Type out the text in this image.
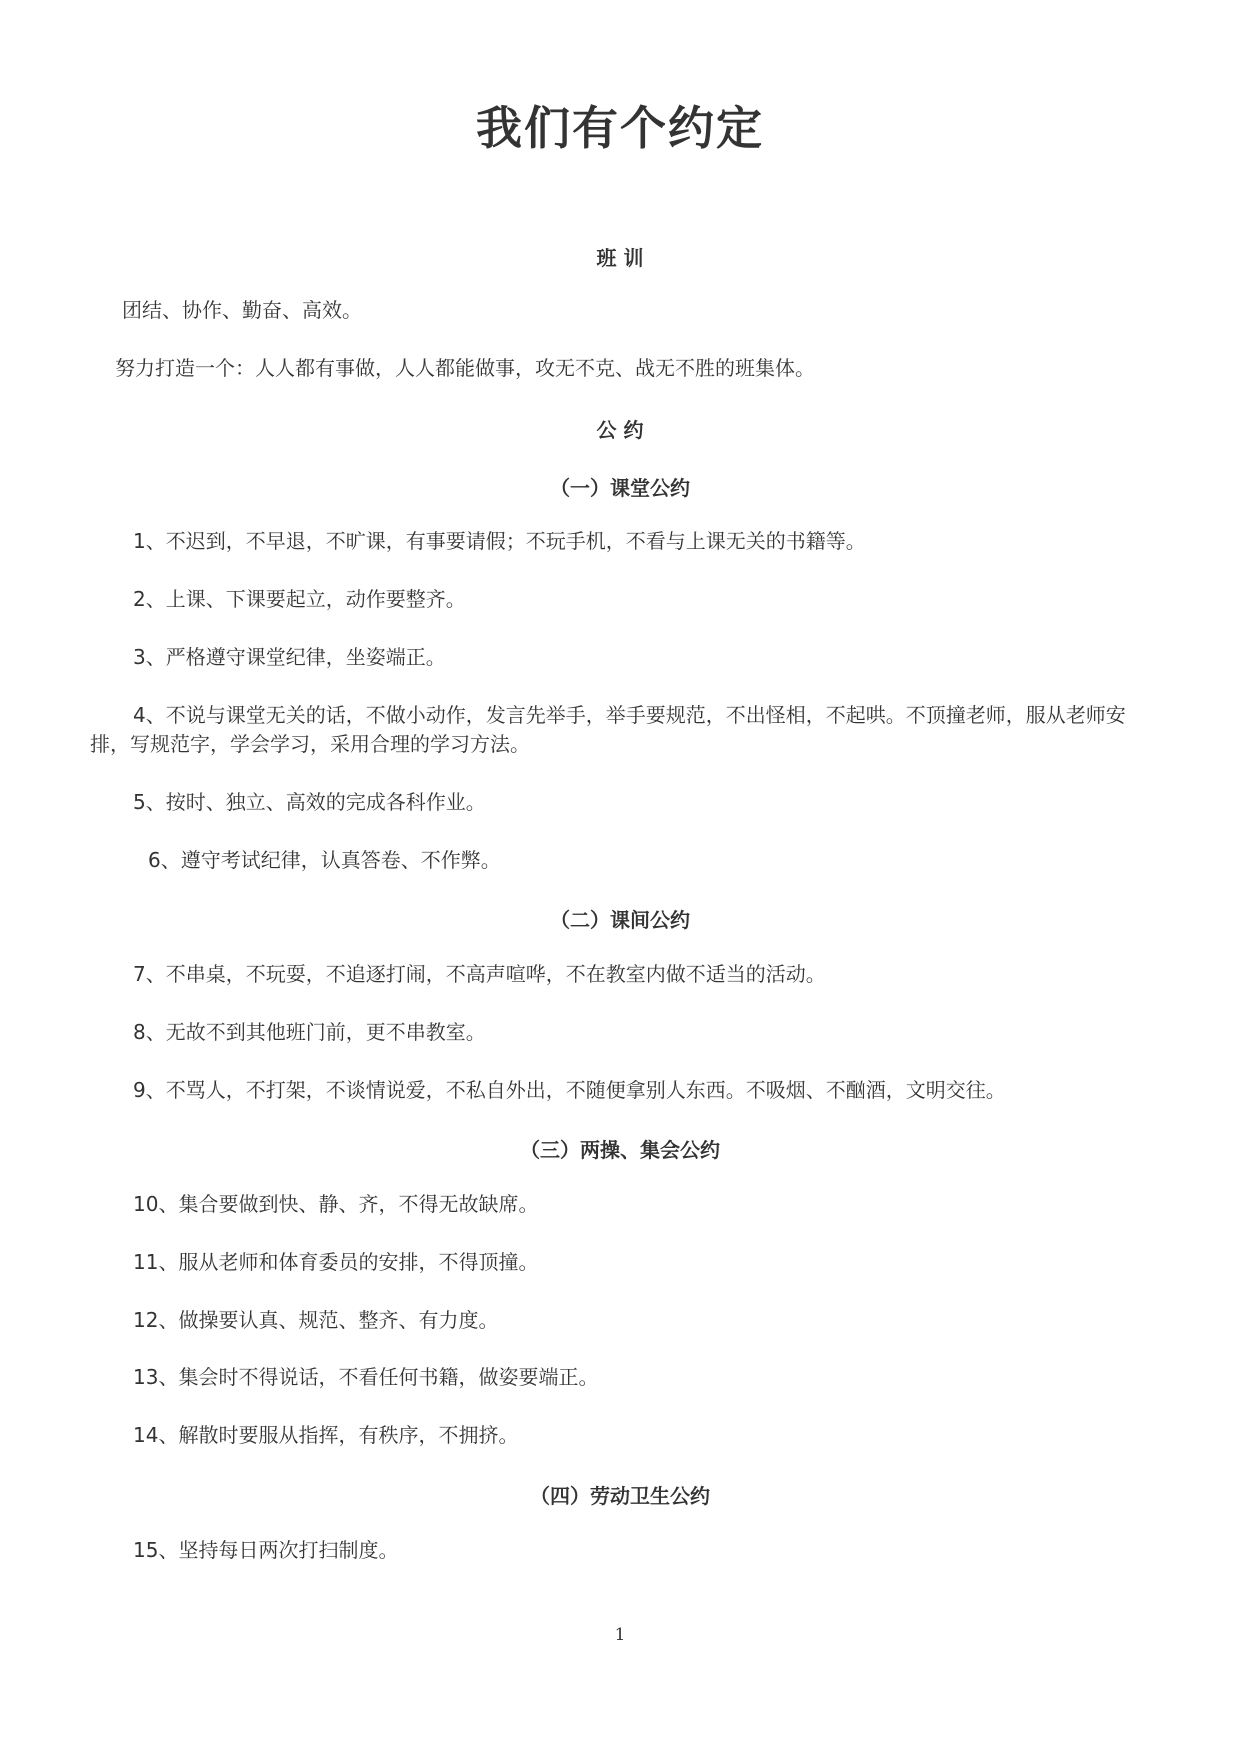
我们有个约定
班 训
团结、协作、勤奋、高效。
努力打造一个：人人都有事做，人人都能做事，攻无不克、战无不胜的班集体。
公 约
（一）课堂公约
1、不迟到，不早退，不旷课，有事要请假；不玩手机，不看与上课无关的书籍等。
2、上课、下课要起立，动作要整齐。
3、严格遵守课堂纪律，坐姿端正。
4、不说与课堂无关的话，不做小动作，发言先举手，举手要规范，不出怪相，不起哄。不顶撞老师，服从老师安排，写规范字，学会学习，采用合理的学习方法。
5、按时、独立、高效的完成各科作业。
6、遵守考试纪律，认真答卷、不作弊。
（二）课间公约
7、不串桌，不玩耍，不追逐打闹，不高声喧哗，不在教室内做不适当的活动。
8、无故不到其他班门前，更不串教室。
9、不骂人，不打架，不谈情说爱，不私自外出，不随便拿别人东西。不吸烟、不酗酒，文明交往。
（三）两操、集会公约
10、集合要做到快、静、齐，不得无故缺席。
11、服从老师和体育委员的安排，不得顶撞。
12、做操要认真、规范、整齐、有力度。
13、集会时不得说话，不看任何书籍，做姿要端正。
14、解散时要服从指挥，有秩序，不拥挤。
（四）劳动卫生公约
15、坚持每日两次打扫制度。
1
